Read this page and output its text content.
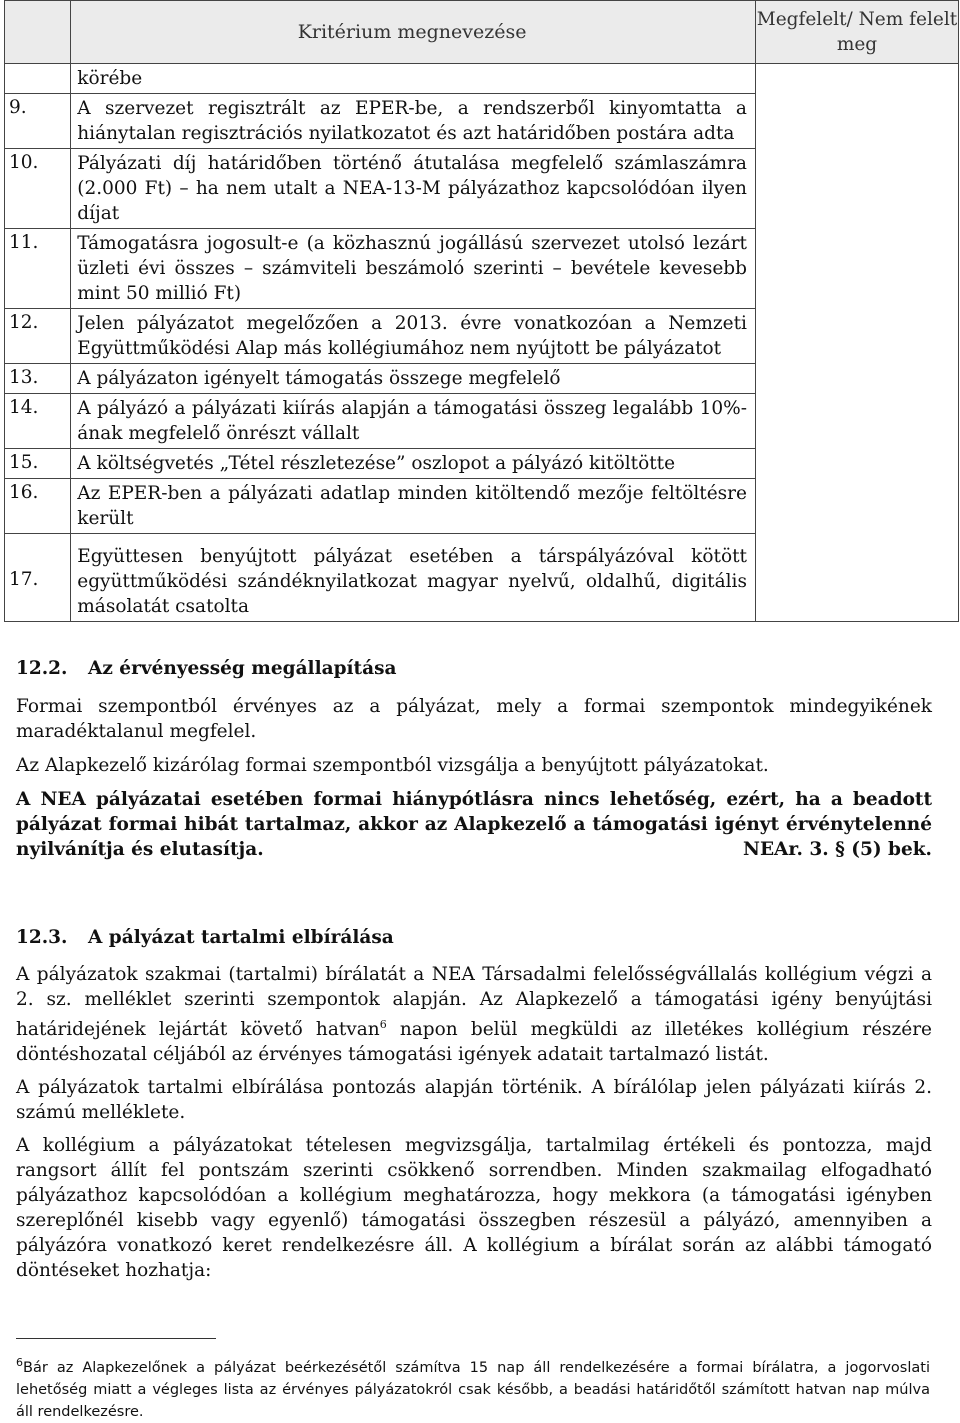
	Kritérium megnevezése	Megfelelt/ Nem felelt meg
	körébe	
9.	A szervezet regisztrált az EPER-be, a rendszerből kinyomtatta a hiánytalan regisztrációs nyilatkozatot és azt határidőben postára adta	
10.	Pályázati díj határidőben történő átutalása megfelelő számlaszámra (2.000 Ft) – ha nem utalt a NEA-13-M pályázathoz kapcsolódóan ilyen díjat	
11.	Támogatásra jogosult-e (a közhasznú jogállású szervezet utolsó lezárt üzleti évi összes – számviteli beszámoló szerinti – bevétele kevesebb mint 50 millió Ft)	
12.	Jelen pályázatot megelőzően a 2013. évre vonatkozóan a Nemzeti Együttműködési Alap más kollégiumához nem nyújtott be pályázatot	
13.	A pályázaton igényelt támogatás összege megfelelő	
14.	A pályázó a pályázati kiírás alapján a támogatási összeg legalább 10%-ának megfelelő önrészt vállalt	
15.	A költségvetés „Tétel részletezése” oszlopot a pályázó kitöltötte	
16.	Az EPER-ben a pályázati adatlap minden kitöltendő mezője feltöltésre került	
17.	Együttesen benyújtott pályázat esetében a társpályázóval kötött együttműködési szándéknyilatkozat magyar nyelvű, oldalhű, digitális másolatát csatolta	

12.2. Az érvényesség megállapítása

Formai szempontból érvényes az a pályázat, mely a formai szempontok mindegyikének maradéktalanul megfelel.

Az Alapkezelő kizárólag formai szempontból vizsgálja a benyújtott pályázatokat.

A NEA pályázatai esetében formai hiánypótlásra nincs lehetőség, ezért, ha a beadott pályázat formai hibát tartalmaz, akkor az Alapkezelő a támogatási igényt érvénytelenné nyilvánítja és elutasítja.	NEAr. 3. § (5) bek.

12.3. A pályázat tartalmi elbírálása

A pályázatok szakmai (tartalmi) bírálatát a NEA Társadalmi felelősségvállalás kollégium végzi a 2. sz. melléklet szerinti szempontok alapján. Az Alapkezelő a támogatási igény benyújtási határidejének lejártát követő hatvan$^6$ napon belül megküldi az illetékes kollégium részére döntéshozatal céljából az érvényes támogatási igények adatait tartalmazó listát.

A pályázatok tartalmi elbírálása pontozás alapján történik. A bírálólap jelen pályázati kiírás 2. számú melléklete.

A kollégium a pályázatokat tételesen megvizsgálja, tartalmilag értékeli és pontozza, majd rangsort állít fel pontszám szerinti csökkenő sorrendben. Minden szakmailag elfogadható pályázathoz kapcsolódóan a kollégium meghatározza, hogy mekkora (a támogatási igényben szereplőnél kisebb vagy egyenlő) támogatási összegben részesül a pályázó, amennyiben a pályázóra vonatkozó keret rendelkezésre áll. A kollégium a bírálat során az alábbi támogató döntéseket hozhatja:

$^6$Bár az Alapkezelőnek a pályázat beérkezésétől számítva 15 nap áll rendelkezésére a formai bírálatra, a jogorvoslati lehetőség miatt a végleges lista az érvényes pályázatokról csak később, a beadási határidőtől számított hatvan nap múlva áll rendelkezésre.
